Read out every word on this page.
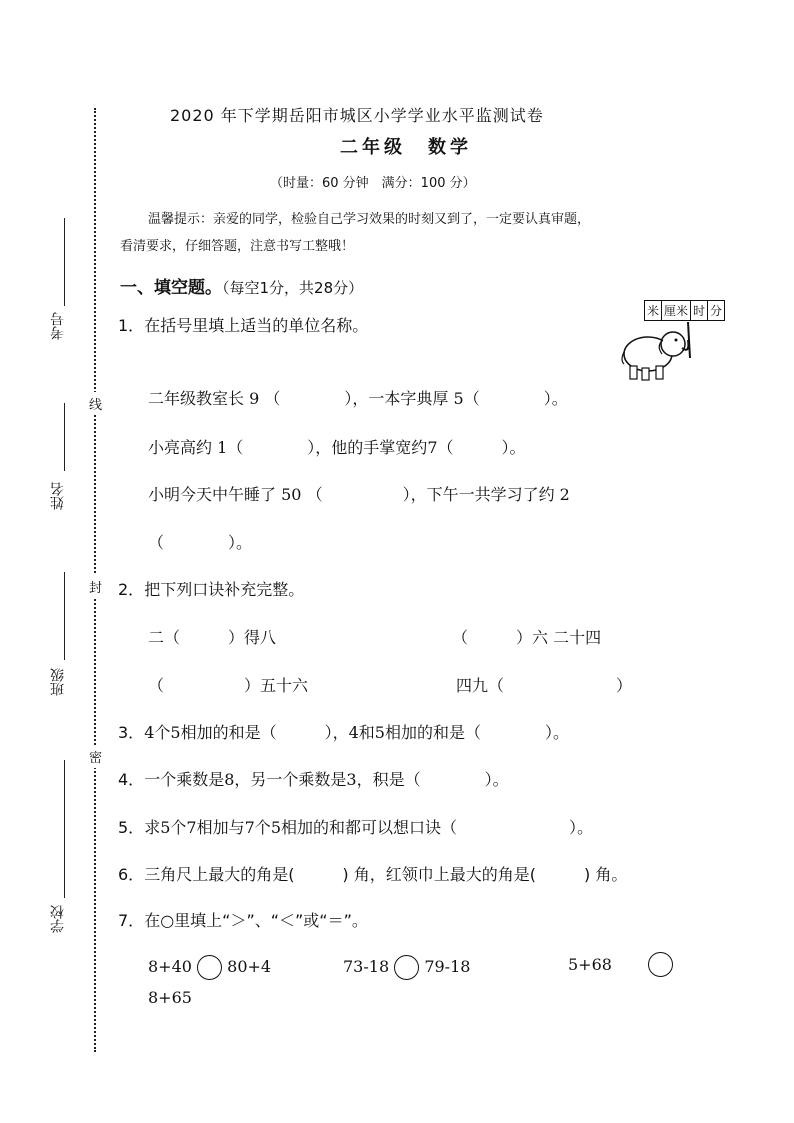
考号
姓名
班级
学校
线
封
密
2020 年下学期岳阳市城区小学学业水平监测试卷
二年级　数学
（时量：60 分钟　满分：100 分）
温馨提示：亲爱的同学，检验自己学习效果的时刻又到了，一定要认真审题，
看清要求，仔细答题，注意书写工整哦！
一、填空题。（每空1分，共28分）
米	厘米	时	分
1．在括号里填上适当的单位名称。
二年级教室长 9 （　　　　），一本字典厚 5（　　　　）。
小亮高约 1（　　　　），他的手掌宽约7（　　　）。
小明今天中午睡了 50 （　　　　　），下午一共学习了约 2
（　　　　）。
2．把下列口诀补充完整。
二（　　　）得八	（　　　）六 二十四
（　　　　　）五十六	四九（　　　　　　　）
3．4个5相加的和是（　　　），4和5相加的和是（　　　　）。
4．一个乘数是8，另一个乘数是3，积是（　　　　）。
5．求5个7相加与7个5相加的和都可以想口诀（　　　　　　　）。
6．三角尺上最大的角是(　　　) 角，红领巾上最大的角是(　　　) 角。
7．在○里填上“＞”、“＜”或“＝”。
8+40 80+4	73-18 79-18	5+68
8+65
